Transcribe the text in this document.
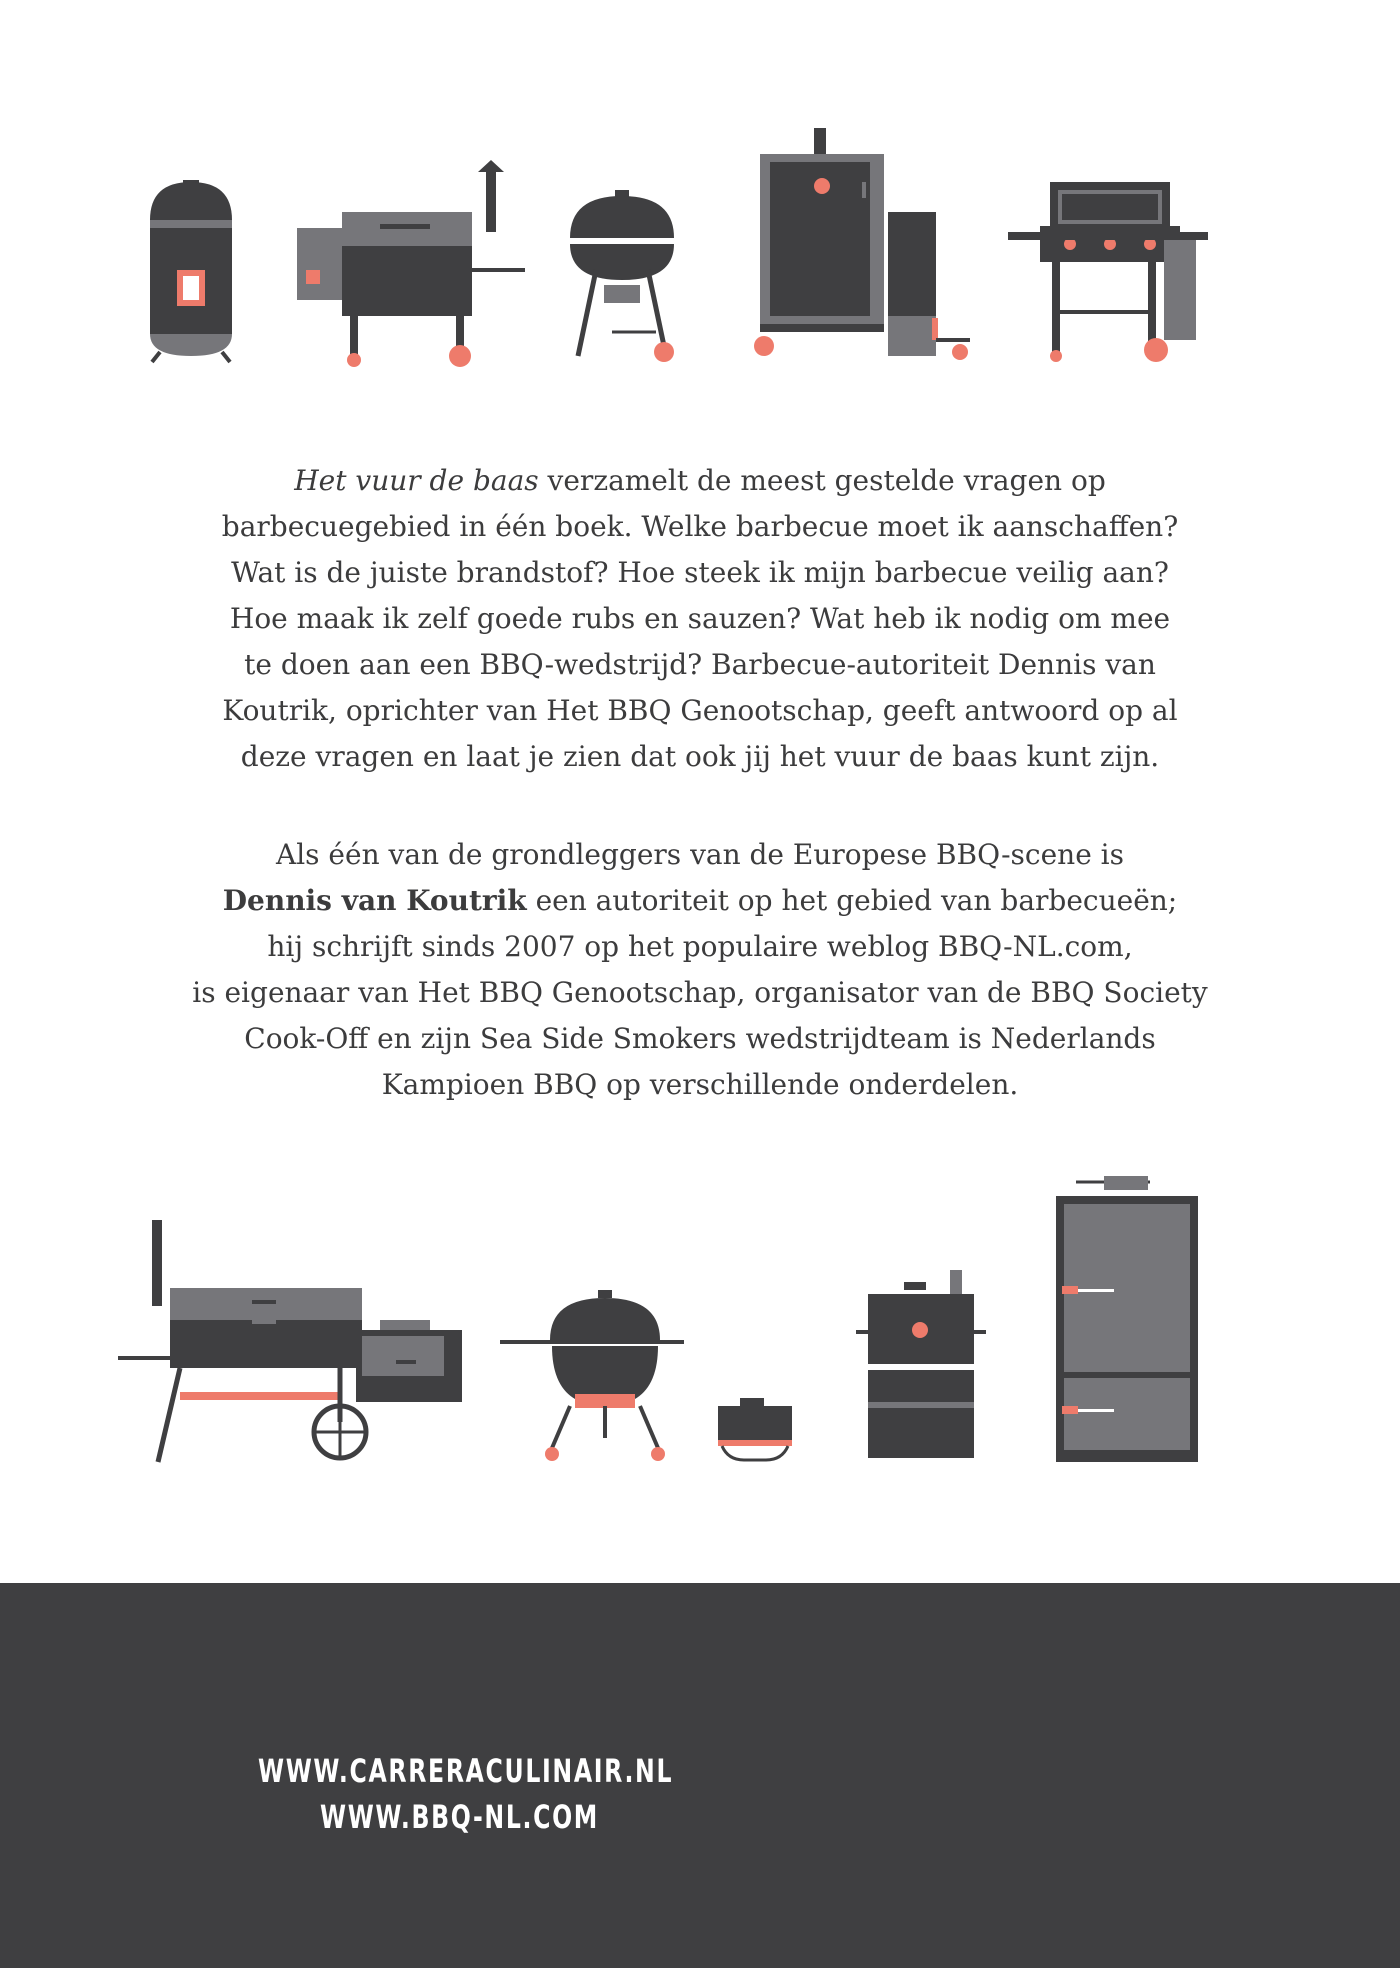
Het vuur de baas verzamelt de meest gestelde vragen op
barbecuegebied in één boek. Welke barbecue moet ik aanschaffen?
Wat is de juiste brandstof? Hoe steek ik mijn barbecue veilig aan?
Hoe maak ik zelf goede rubs en sauzen? Wat heb ik nodig om mee
te doen aan een BBQ-wedstrijd? Barbecue-autoriteit Dennis van
Koutrik, oprichter van Het BBQ Genootschap, geeft antwoord op al
deze vragen en laat je zien dat ook jij het vuur de baas kunt zijn.

Als één van de grondleggers van de Europese BBQ-scene is
Dennis van Koutrik een autoriteit op het gebied van barbecueën;
hij schrijft sinds 2007 op het populaire weblog BBQ-NL.com,
is eigenaar van Het BBQ Genootschap, organisator van de BBQ Society
Cook-Off en zijn Sea Side Smokers wedstrijdteam is Nederlands
Kampioen BBQ op verschillende onderdelen.

WWW.CARRERACULINAIR.NL
WWW.BBQ-NL.COM
